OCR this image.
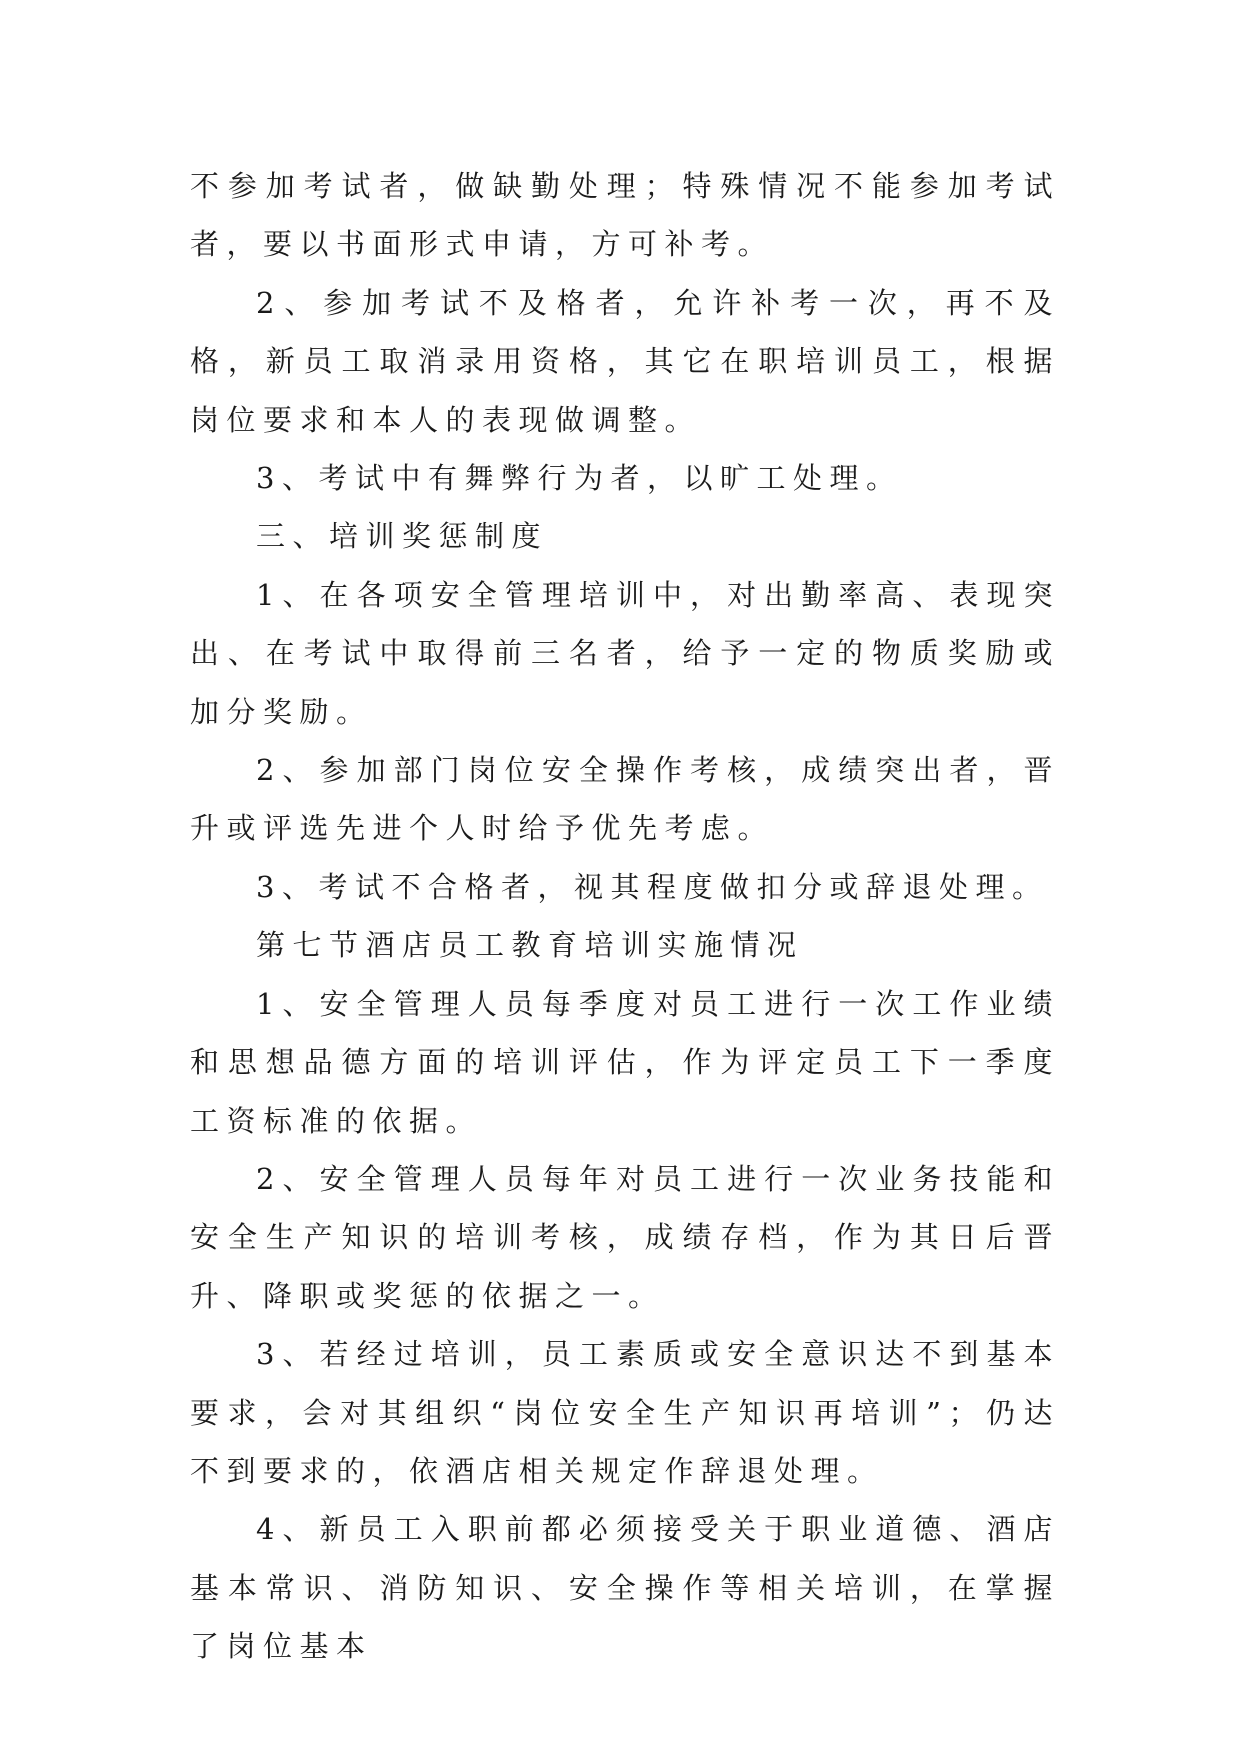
不参加考试者，做缺勤处理；特殊情况不能参加考试者，要以书面形式申请，方可补考。

2、参加考试不及格者，允许补考一次，再不及格，新员工取消录用资格，其它在职培训员工，根据岗位要求和本人的表现做调整。

3、考试中有舞弊行为者，以旷工处理。

三、培训奖惩制度

1、在各项安全管理培训中，对出勤率高、表现突出、在考试中取得前三名者，给予一定的物质奖励或加分奖励。

2、参加部门岗位安全操作考核，成绩突出者，晋升或评选先进个人时给予优先考虑。

3、考试不合格者，视其程度做扣分或辞退处理。

第七节酒店员工教育培训实施情况

1、安全管理人员每季度对员工进行一次工作业绩和思想品德方面的培训评估，作为评定员工下一季度工资标准的依据。

2、安全管理人员每年对员工进行一次业务技能和安全生产知识的培训考核，成绩存档，作为其日后晋升、降职或奖惩的依据之一。

3、若经过培训，员工素质或安全意识达不到基本要求，会对其组织“岗位安全生产知识再培训”；仍达不到要求的，依酒店相关规定作辞退处理。

4、新员工入职前都必须接受关于职业道德、酒店基本常识、消防知识、安全操作等相关培训，在掌握了岗位基本
